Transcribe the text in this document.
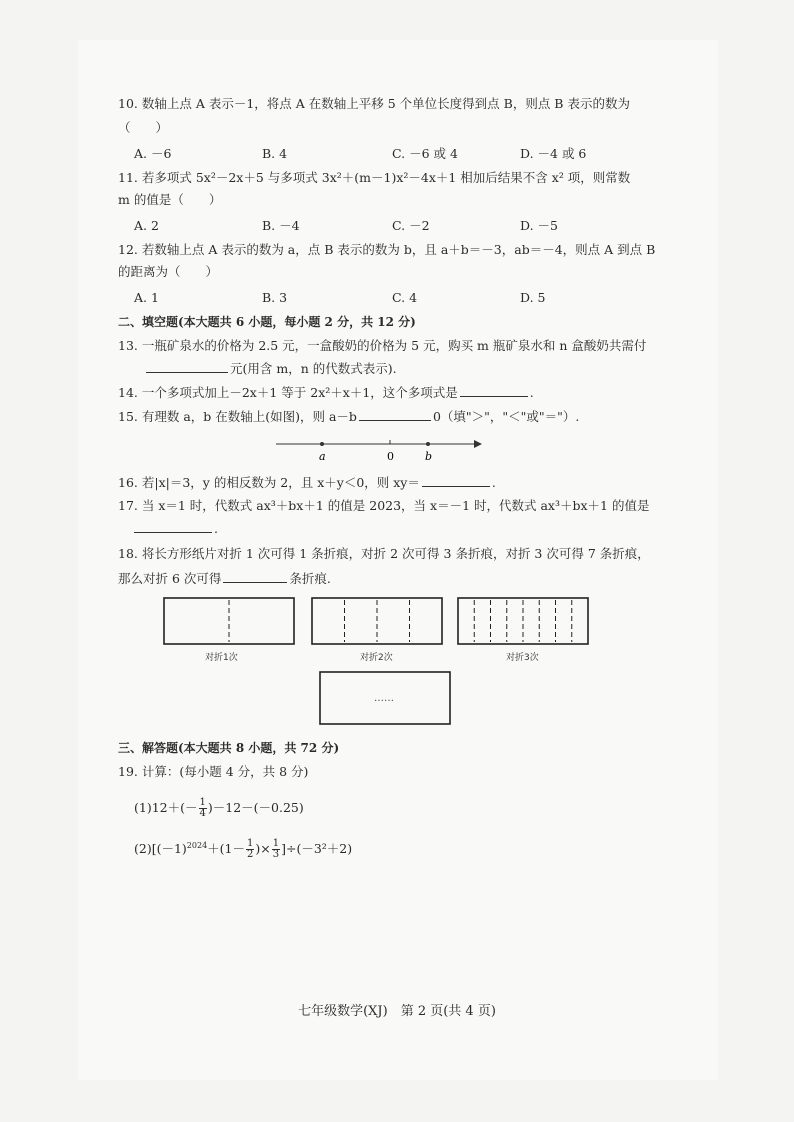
10. 数轴上点 A 表示－1，将点 A 在数轴上平移 5 个单位长度得到点 B，则点 B 表示的数为
（　　）
A. －6	B. 4	C. －6 或 4	D. －4 或 6
11. 若多项式 5x²－2x＋5 与多项式 3x²＋(m－1)x²－4x＋1 相加后结果不含 x² 项，则常数
m 的值是（　　）
A. 2	B. －4	C. －2	D. －5
12. 若数轴上点 A 表示的数为 a，点 B 表示的数为 b，且 a＋b＝－3，ab＝－4，则点 A 到点 B
的距离为（　　）
A. 1	B. 3	C. 4	D. 5
二、填空题(本大题共 6 小题，每小题 2 分，共 12 分)
13. 一瓶矿泉水的价格为 2.5 元，一盒酸奶的价格为 5 元，购买 m 瓶矿泉水和 n 盒酸奶共需付
元(用含 m，n 的代数式表示).
14. 一个多项式加上－2x＋1 等于 2x²＋x＋1，这个多项式是	.
15. 有理数 a，b 在数轴上(如图)，则 a－b	0（填"＞"，"＜"或"＝"）.
a	0	b
16. 若|x|＝3，y 的相反数为 2，且 x＋y＜0，则 xy＝	.
17. 当 x＝1 时，代数式 ax³＋bx＋1 的值是 2023，当 x＝－1 时，代数式 ax³＋bx＋1 的值是
.
18. 将长方形纸片对折 1 次可得 1 条折痕，对折 2 次可得 3 条折痕，对折 3 次可得 7 条折痕，
那么对折 6 次可得	条折痕.
对折1次	对折2次	对折3次
……
三、解答题(本大题共 8 小题，共 72 分)
19. 计算：(每小题 4 分，共 8 分)
$(1)12+(- \frac{1}{4} )-12-(-0.25)$
$(2)[(-1)^{2024}+(1- \frac{1}{2}$ )× $\frac{1}{3} ]\div(-3^2+2)$
七年级数学(XJ)　第 2 页(共 4 页)
